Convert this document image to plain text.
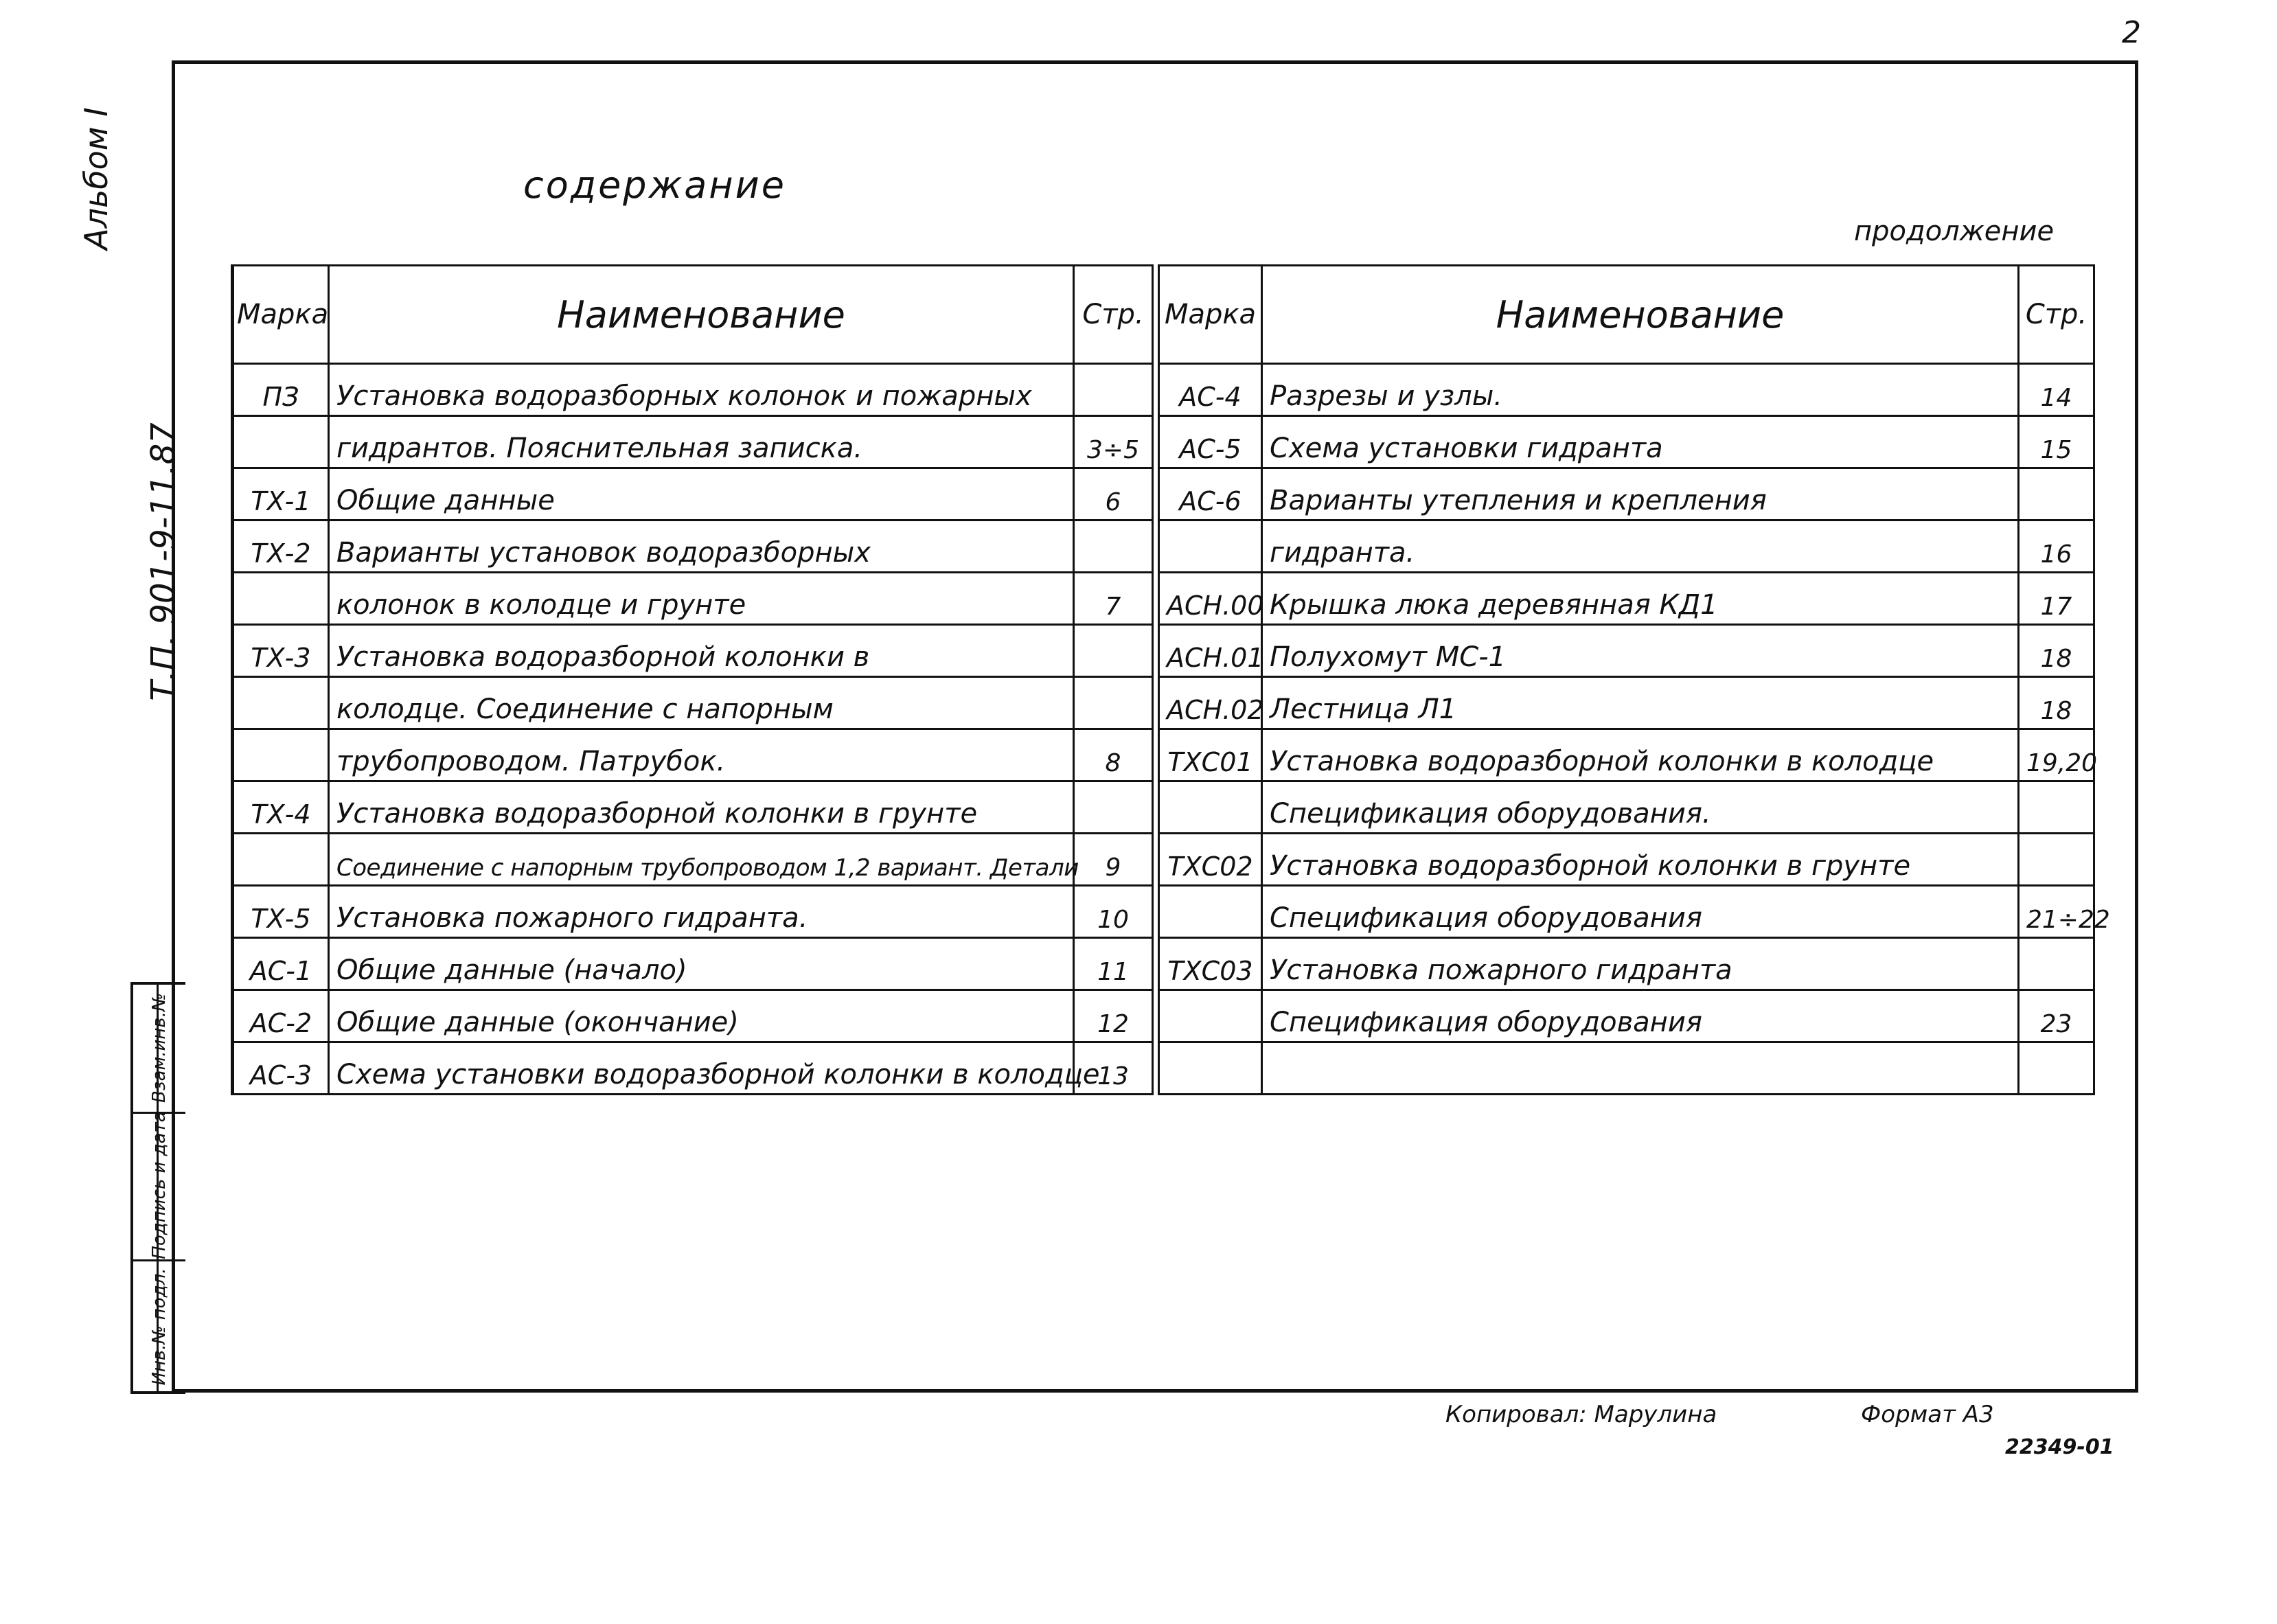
2
Альбом I
Т.П. 901-9-11.87
Взам.инв.№
Подпись и дата
Инв.№ подл.
содержание
продолжение
Марка	Наименование	Стр.
ПЗ	Установка водоразборных колонок и пожарных	
	гидрантов. Пояснительная записка.	3÷5
ТХ-1	Общие данные	6
ТХ-2	Варианты установок водоразборных	
	колонок в колодце и грунте	7
ТХ-3	Установка водоразборной колонки в	
	колодце. Соединение с напорным	
	трубопроводом. Патрубок.	8
ТХ-4	Установка водоразборной колонки в грунте	
	Соединение с напорным трубопроводом 1,2 вариант. Детали	9
ТХ-5	Установка пожарного гидранта.	10
АС-1	Общие данные (начало)	11
АС-2	Общие данные (окончание)	12
АС-3	Схема установки водоразборной колонки в колодце	13
Марка	Наименование	Стр.
АС-4	Разрезы и узлы.	14
АС-5	Схема установки гидранта	15
АС-6	Варианты утепления и крепления	
	гидранта.	16
АСН.00	Крышка люка деревянная КД1	17
АСН.01	Полухомут МС-1	18
АСН.02	Лестница Л1	18
ТХС01	Установка водоразборной колонки в колодце	19,20
	Спецификация оборудования.	
ТХС02	Установка водоразборной колонки в грунте	
	Спецификация оборудования	21÷22
ТХС03	Установка пожарного гидранта	
	Спецификация оборудования	23

Копировал: Марулина	Формат А3
22349-01
